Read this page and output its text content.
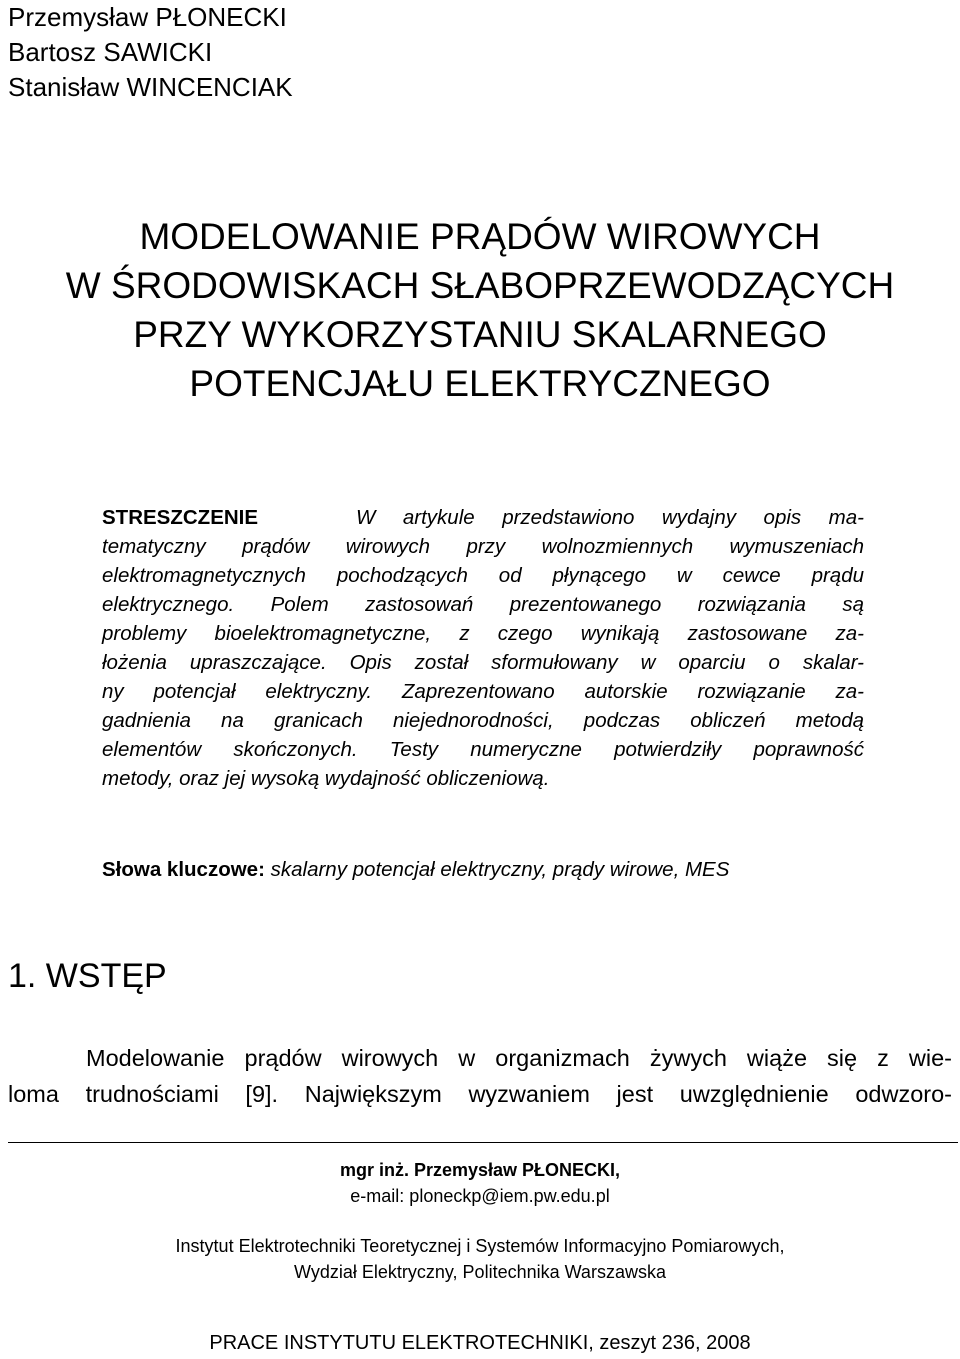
Przemysław PŁONECKI
Bartosz SAWICKI
Stanisław WINCENCIAK
MODELOWANIE PRĄDÓW WIROWYCH
W ŚRODOWISKACH SŁABOPRZEWODZĄCYCH
PRZY WYKORZYSTANIU SKALARNEGO
POTENCJAŁU ELEKTRYCZNEGO
STRESZCZENIE	W artykule przedstawiono wydajny opis ma-
tematyczny prądów wirowych przy wolnozmiennych wymuszeniach
elektromagnetycznych pochodzących od płynącego w cewce prądu
elektrycznego. Polem zastosowań prezentowanego rozwiązania są
problemy bioelektromagnetyczne, z czego wynikają zastosowane za-
łożenia upraszczające. Opis został sformułowany w oparciu o skalar-
ny potencjał elektryczny. Zaprezentowano autorskie rozwiązanie za-
gadnienia na granicach niejednorodności, podczas obliczeń metodą
elementów skończonych. Testy numeryczne potwierdziły poprawność
metody, oraz jej wysoką wydajność obliczeniową.
Słowa kluczowe: skalarny potencjał elektryczny, prądy wirowe, MES
1. WSTĘP
Modelowanie prądów wirowych w organizmach żywych wiąże się z wie-
loma trudnościami [9]. Największym wyzwaniem jest uwzględnienie odwzoro-
mgr inż. Przemysław PŁONECKI,
e-mail: ploneckp@iem.pw.edu.pl
Instytut Elektrotechniki Teoretycznej i Systemów Informacyjno Pomiarowych,
Wydział Elektryczny, Politechnika Warszawska
PRACE INSTYTUTU ELEKTROTECHNIKI, zeszyt 236, 2008
